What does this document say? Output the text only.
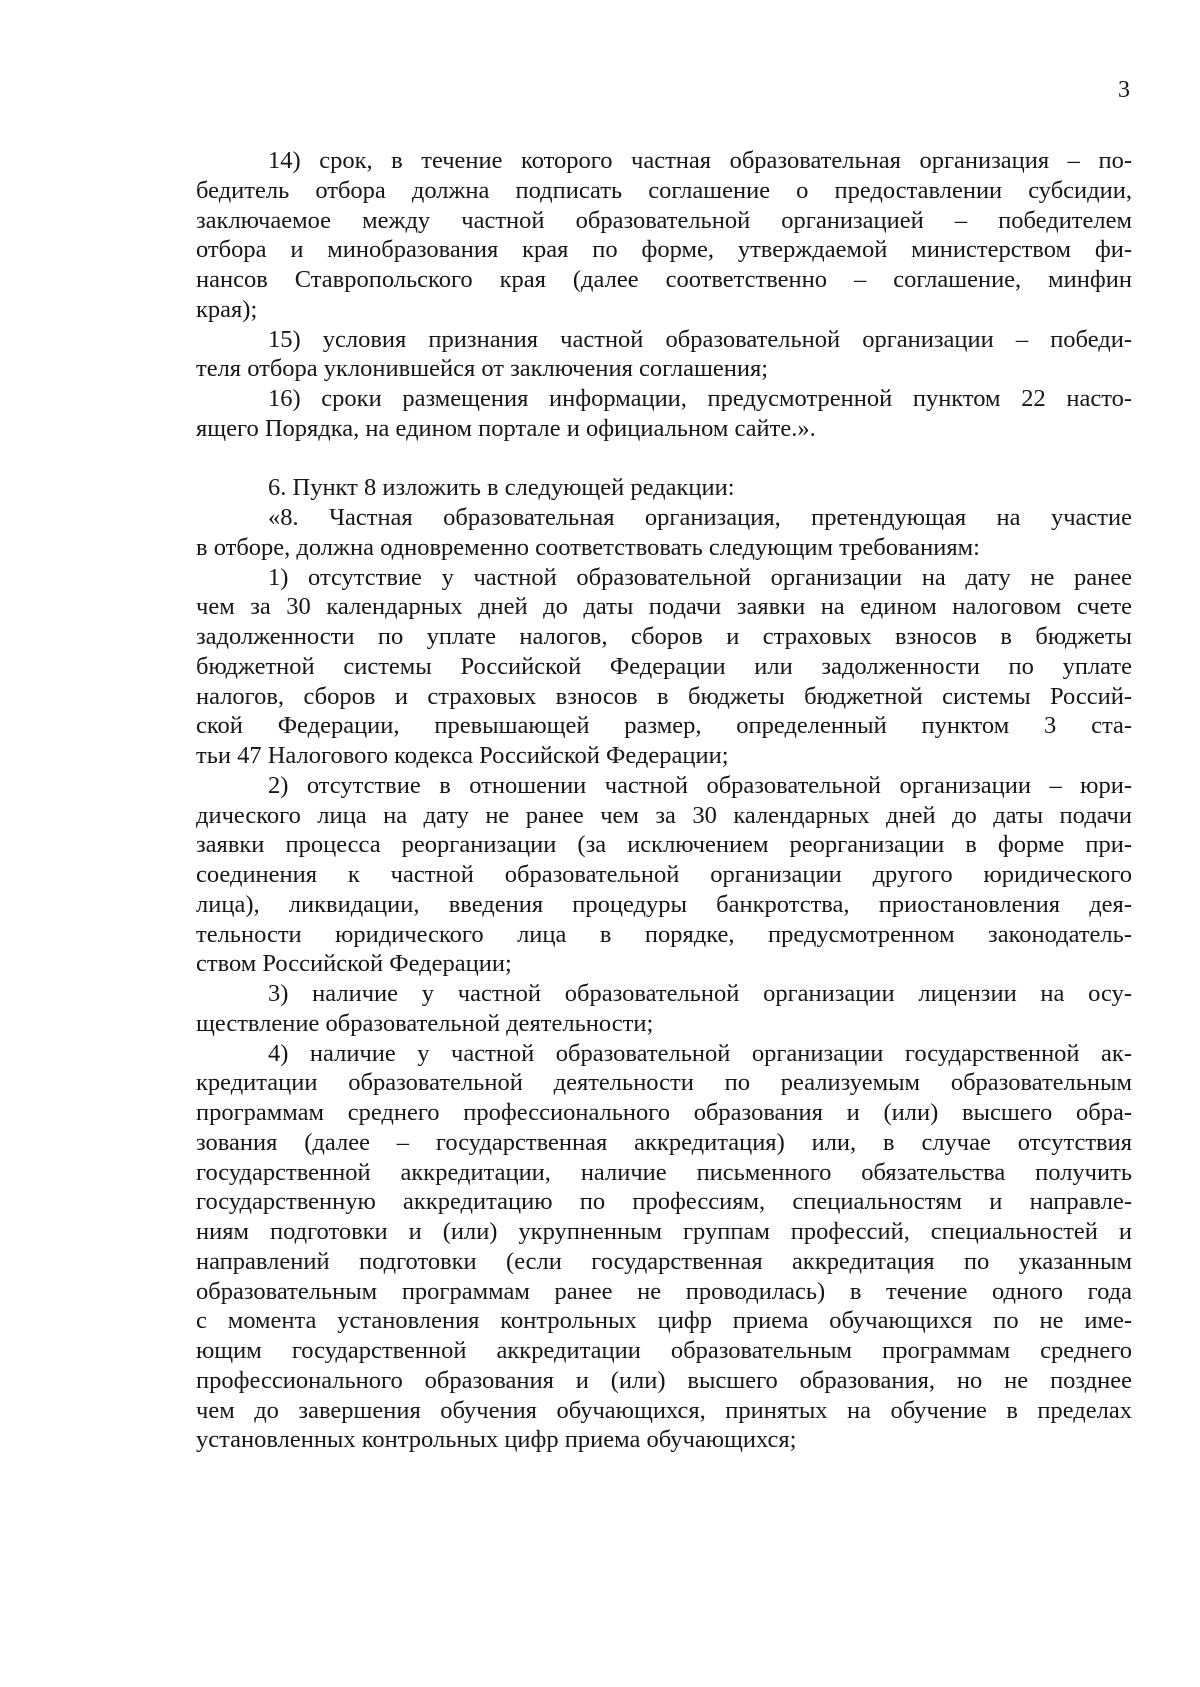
3
14) срок, в течение которого частная образовательная организация – по-
бедитель отбора должна подписать соглашение о предоставлении субсидии,
заключаемое между частной образовательной организацией – победителем
отбора и минобразования края по форме, утверждаемой министерством фи-
нансов Ставропольского края (далее соответственно – соглашение, минфин
края);
15) условия признания частной образовательной организации – победи-
теля отбора уклонившейся от заключения соглашения;
16) сроки размещения информации, предусмотренной пунктом 22 насто-
ящего Порядка, на едином портале и официальном сайте.».
6. Пункт 8 изложить в следующей редакции:
«8. Частная образовательная организация, претендующая на участие
в отборе, должна одновременно соответствовать следующим требованиям:
1) отсутствие у частной образовательной организации на дату не ранее
чем за 30 календарных дней до даты подачи заявки на едином налоговом счете
задолженности по уплате налогов, сборов и страховых взносов в бюджеты
бюджетной системы Российской Федерации или задолженности по уплате
налогов, сборов и страховых взносов в бюджеты бюджетной системы Россий-
ской Федерации, превышающей размер, определенный пунктом 3 ста-
тьи 47 Налогового кодекса Российской Федерации;
2) отсутствие в отношении частной образовательной организации – юри-
дического лица на дату не ранее чем за 30 календарных дней до даты подачи
заявки процесса реорганизации (за исключением реорганизации в форме при-
соединения к частной образовательной организации другого юридического
лица), ликвидации, введения процедуры банкротства, приостановления дея-
тельности юридического лица в порядке, предусмотренном законодатель-
ством Российской Федерации;
3) наличие у частной образовательной организации лицензии на осу-
ществление образовательной деятельности;
4) наличие у частной образовательной организации государственной ак-
кредитации образовательной деятельности по реализуемым образовательным
программам среднего профессионального образования и (или) высшего обра-
зования (далее – государственная аккредитация) или, в случае отсутствия
государственной аккредитации, наличие письменного обязательства получить
государственную аккредитацию по профессиям, специальностям и направле-
ниям подготовки и (или) укрупненным группам профессий, специальностей и
направлений подготовки (если государственная аккредитация по указанным
образовательным программам ранее не проводилась) в течение одного года
с момента установления контрольных цифр приема обучающихся по не име-
ющим государственной аккредитации образовательным программам среднего
профессионального образования и (или) высшего образования, но не позднее
чем до завершения обучения обучающихся, принятых на обучение в пределах
установленных контрольных цифр приема обучающихся;
